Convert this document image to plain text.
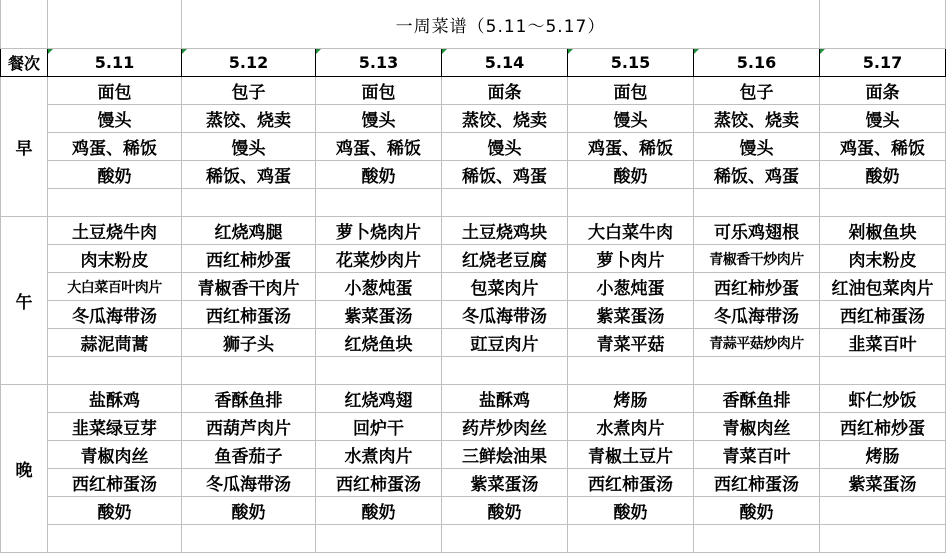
		一周菜谱（5.11～5.17）					
餐次	5.11	5.12	5.13	5.14	5.15	5.16	5.17
早	面包	包子	面包	面条	面包	包子	面条
	馒头	蒸饺、烧卖	馒头	蒸饺、烧卖	馒头	蒸饺、烧卖	馒头
	鸡蛋、稀饭	馒头	鸡蛋、稀饭	馒头	鸡蛋、稀饭	馒头	鸡蛋、稀饭
	酸奶	稀饭、鸡蛋	酸奶	稀饭、鸡蛋	酸奶	稀饭、鸡蛋	酸奶

午	土豆烧牛肉	红烧鸡腿	萝卜烧肉片	土豆烧鸡块	大白菜牛肉	可乐鸡翅根	剁椒鱼块
	肉末粉皮	西红柿炒蛋	花菜炒肉片	红烧老豆腐	萝卜肉片	青椒香干炒肉片	肉末粉皮
	大白菜百叶肉片	青椒香干肉片	小葱炖蛋	包菜肉片	小葱炖蛋	西红柿炒蛋	红油包菜肉片
	冬瓜海带汤	西红柿蛋汤	紫菜蛋汤	冬瓜海带汤	紫菜蛋汤	冬瓜海带汤	西红柿蛋汤
	蒜泥茼蒿	狮子头	红烧鱼块	豇豆肉片	青菜平菇	青蒜平菇炒肉片	韭菜百叶

晚	盐酥鸡	香酥鱼排	红烧鸡翅	盐酥鸡	烤肠	香酥鱼排	虾仁炒饭
	韭菜绿豆芽	西葫芦肉片	回炉干	药芹炒肉丝	水煮肉片	青椒肉丝	西红柿炒蛋
	青椒肉丝	鱼香茄子	水煮肉片	三鲜烩油果	青椒土豆片	青菜百叶	烤肠
	西红柿蛋汤	冬瓜海带汤	西红柿蛋汤	紫菜蛋汤	西红柿蛋汤	西红柿蛋汤	紫菜蛋汤
	酸奶	酸奶	酸奶	酸奶	酸奶	酸奶	
